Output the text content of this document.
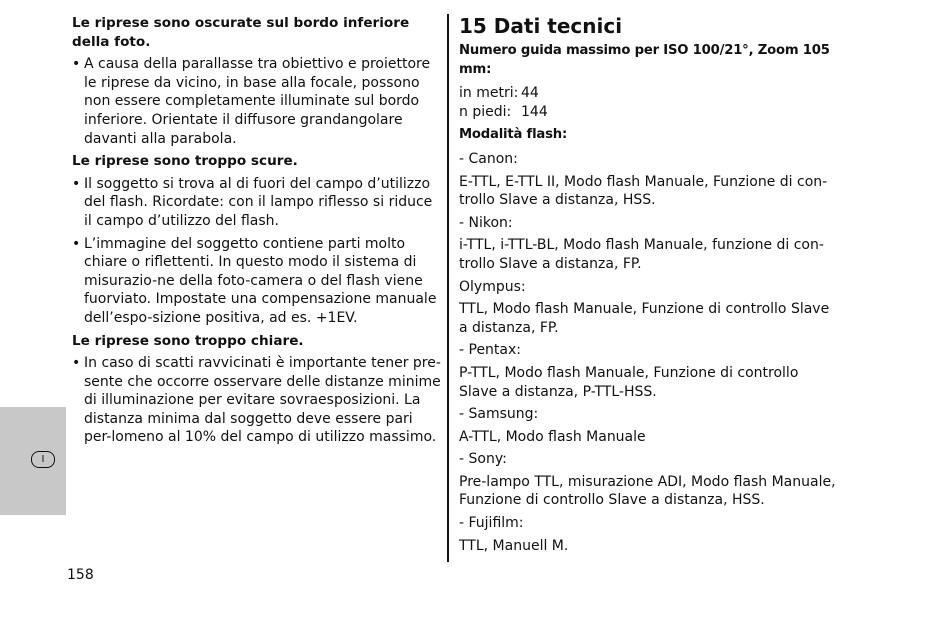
I

Le riprese sono oscurate sul bordo inferiore della foto.

• A causa della parallasse tra obiettivo e proiettore le riprese da vicino, in base alla focale, possono non essere completamente illuminate sul bordo inferiore. Orientate il diffusore grandangolare davanti alla parabola.

Le riprese sono troppo scure.

• Il soggetto si trova al di fuori del campo d’utilizzo del flash. Ricordate: con il lampo riflesso si riduce il campo d’utilizzo del flash.

• L’immagine del soggetto contiene parti molto chiare o riflettenti. In questo modo il sistema di misurazio-ne della foto-camera o del flash viene fuorviato. Impostate una compensazione manuale dell’espo-sizione positiva, ad es. +1EV.

Le riprese sono troppo chiare.

• In caso di scatti ravvicinati è importante tener pre-sente che occorre osservare delle distanze minime di illuminazione per evitare sovraesposizioni. La distanza minima dal soggetto deve essere pari per-lomeno al 10% del campo di utilizzo massimo.

15 Dati tecnici

Numero guida massimo per ISO 100/21°, Zoom 105 mm:

in metri: 44

n piedi: 144

Modalità flash:

- Canon:

E-TTL, E-TTL II, Modo flash Manuale, Funzione di con-trollo Slave a distanza, HSS.

- Nikon:

i-TTL, i-TTL-BL, Modo flash Manuale, funzione di con-trollo Slave a distanza, FP.

Olympus:

TTL, Modo flash Manuale, Funzione di controllo Slave a distanza, FP.

- Pentax:

P-TTL, Modo flash Manuale, Funzione di controllo Slave a distanza, P-TTL-HSS.

- Samsung:

A-TTL, Modo flash Manuale

- Sony:

Pre-lampo TTL, misurazione ADI, Modo flash Manuale, Funzione di controllo Slave a distanza, HSS.

- Fujifilm:

TTL, Manuell M.

158
